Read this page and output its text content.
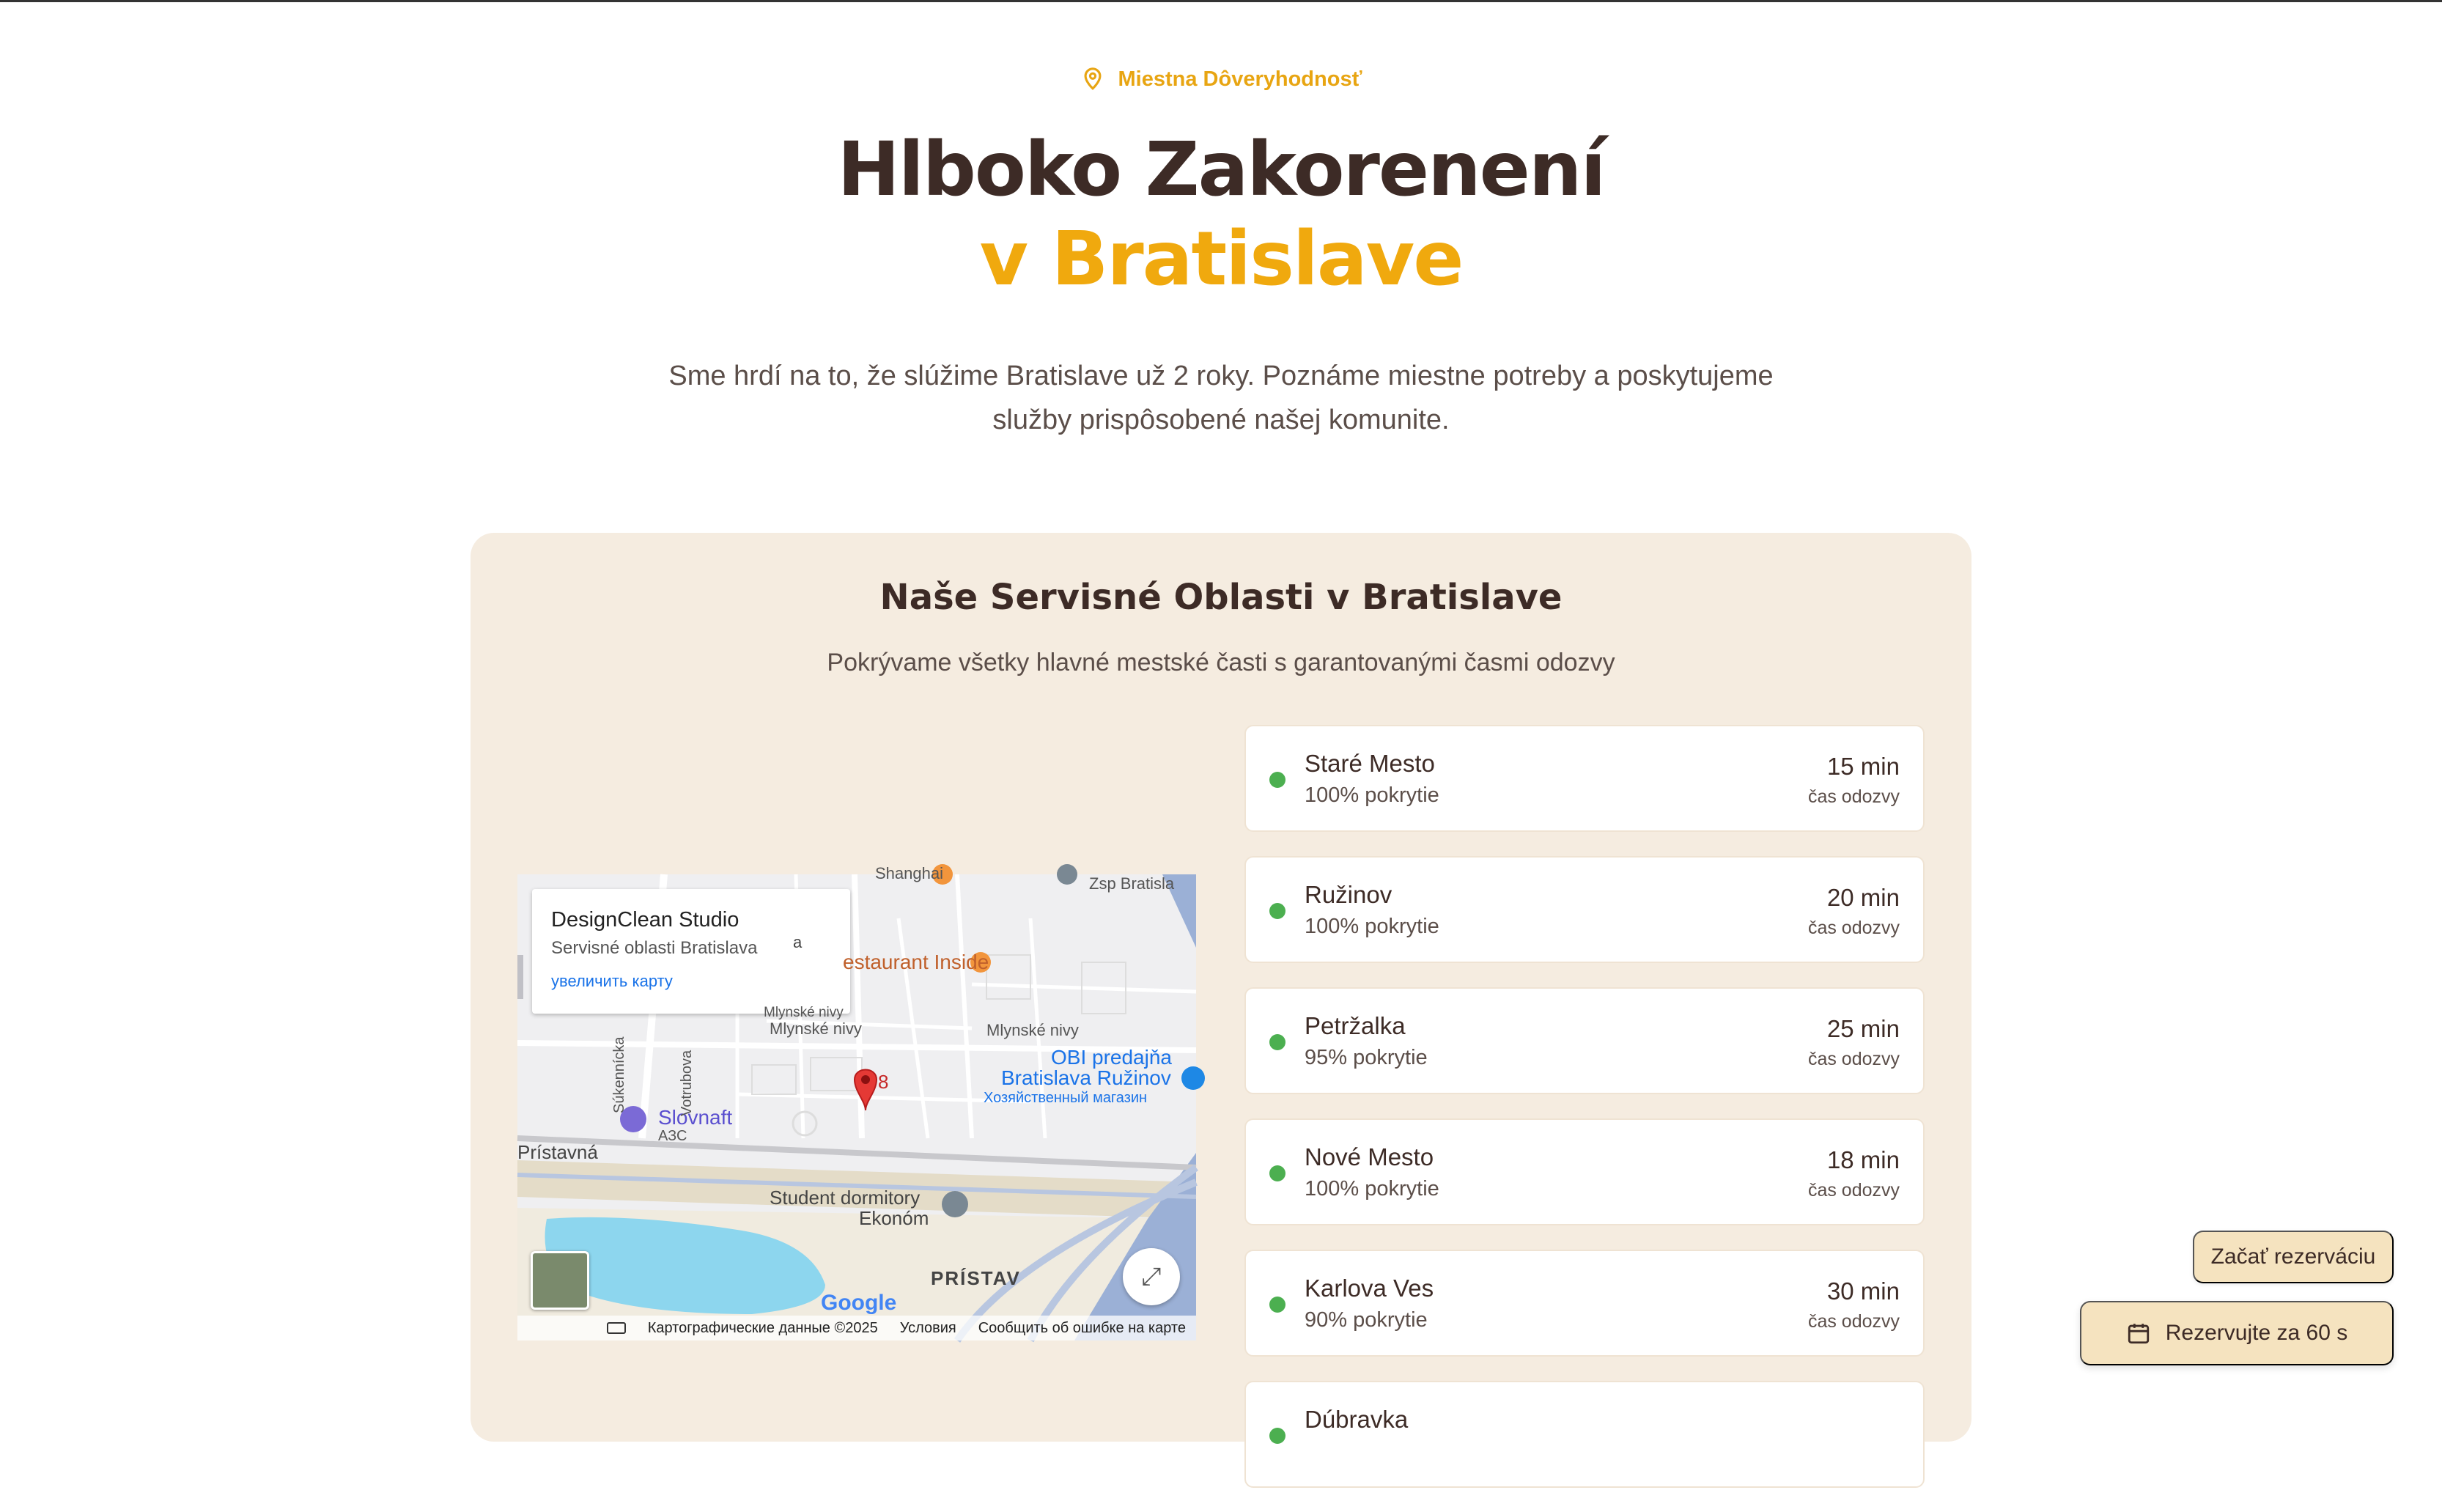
Miestna Dôveryhodnosť
Hlboko Zakorenení
v Bratislave
Sme hrdí na to, že slúžime Bratislave už 2 roky. Poznáme miestne potreby a poskytujeme
služby prispôsobené našej komunite.
Naše Servisné Oblasti v Bratislave

Pokrývame všetky hlavné mestské časti s garantovanými časmi odozvy

DesignClean Studio
Servisné oblasti Bratislava
увеличить карту
a
Zsp Bratisla
Shanghai
estaurant Inside
Mlynské nivy
Mlynské nivy	Mlynské nivy
OBI predajňa
Bratislava Ružinov
Хозяйственный магазин
8
Slovnaft
АЗС
Prístavná
Student dormitory
Ekonóm
PRÍSTAV
Súkennícka	Votrubova
Google
⤢
Картографические данные ©2025 Условия Сообщить об ошибке на карте
Staré Mesto
100% pokrytie
15 min
čas odozvy
Ružinov
100% pokrytie
20 min
čas odozvy
Petržalka
95% pokrytie
25 min
čas odozvy
Nové Mesto
100% pokrytie
18 min
čas odozvy
Karlova Ves
90% pokrytie
30 min
čas odozvy
Dúbravka
Začať rezerváciu
Rezervujte za 60 s
